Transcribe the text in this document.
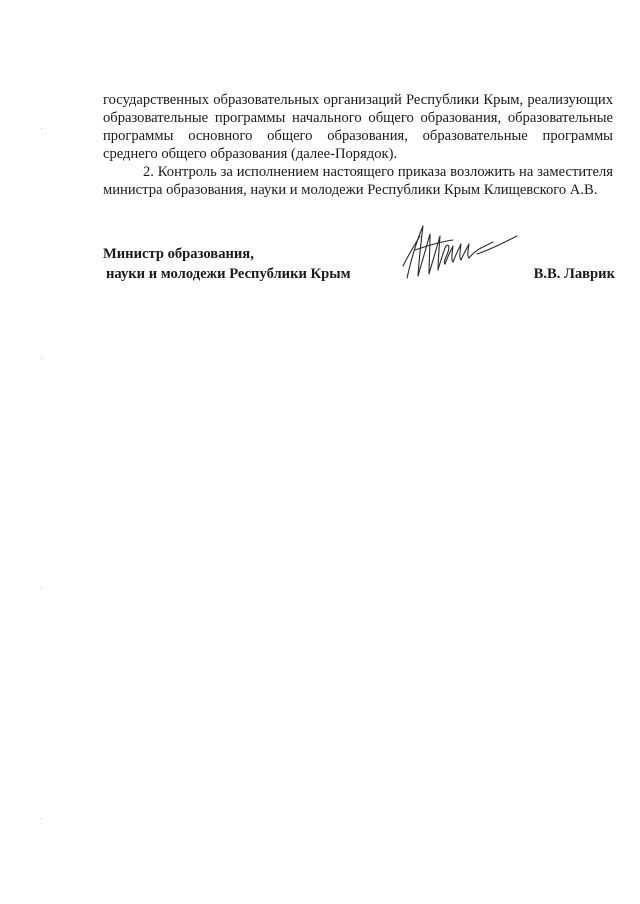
государственных образовательных организаций Республики Крым, реализующих образовательные программы начального общего образования, образовательные программы основного общего образования, образовательные программы среднего общего образования (далее-Порядок).

2. Контроль за исполнением настоящего приказа возложить на заместителя министра образования, науки и молодежи Республики Крым Клищевского А.В.

Министр образования,
науки и молодежи Республики Крым	В.В. Лаврик
